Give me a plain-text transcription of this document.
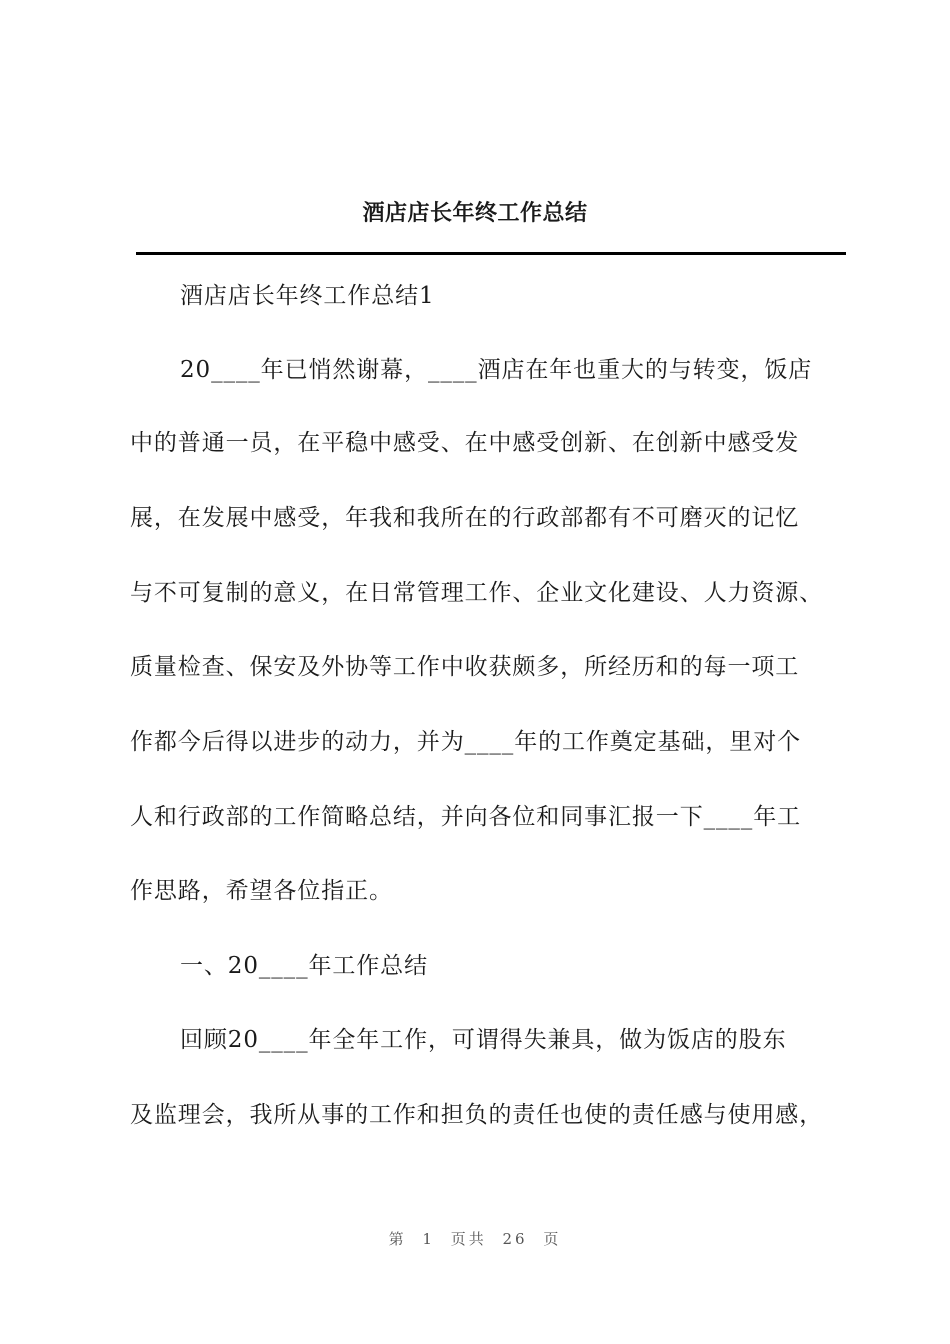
酒店店长年终工作总结
酒店店长年终工作总结1
20____年已悄然谢幕，____酒店在年也重大的与转变，饭店
中的普通一员，在平稳中感受、在中感受创新、在创新中感受发
展，在发展中感受，年我和我所在的行政部都有不可磨灭的记忆
与不可复制的意义，在日常管理工作、企业文化建设、人力资源、
质量检查、保安及外协等工作中收获颇多，所经历和的每一项工
作都今后得以进步的动力，并为____年的工作奠定基础，里对个
人和行政部的工作简略总结，并向各位和同事汇报一下____年工
作思路，希望各位指正。
一、20____年工作总结
回顾20____年全年工作，可谓得失兼具，做为饭店的股东
及监理会，我所从事的工作和担负的责任也使的责任感与使用感，
第 1 页共 26 页
